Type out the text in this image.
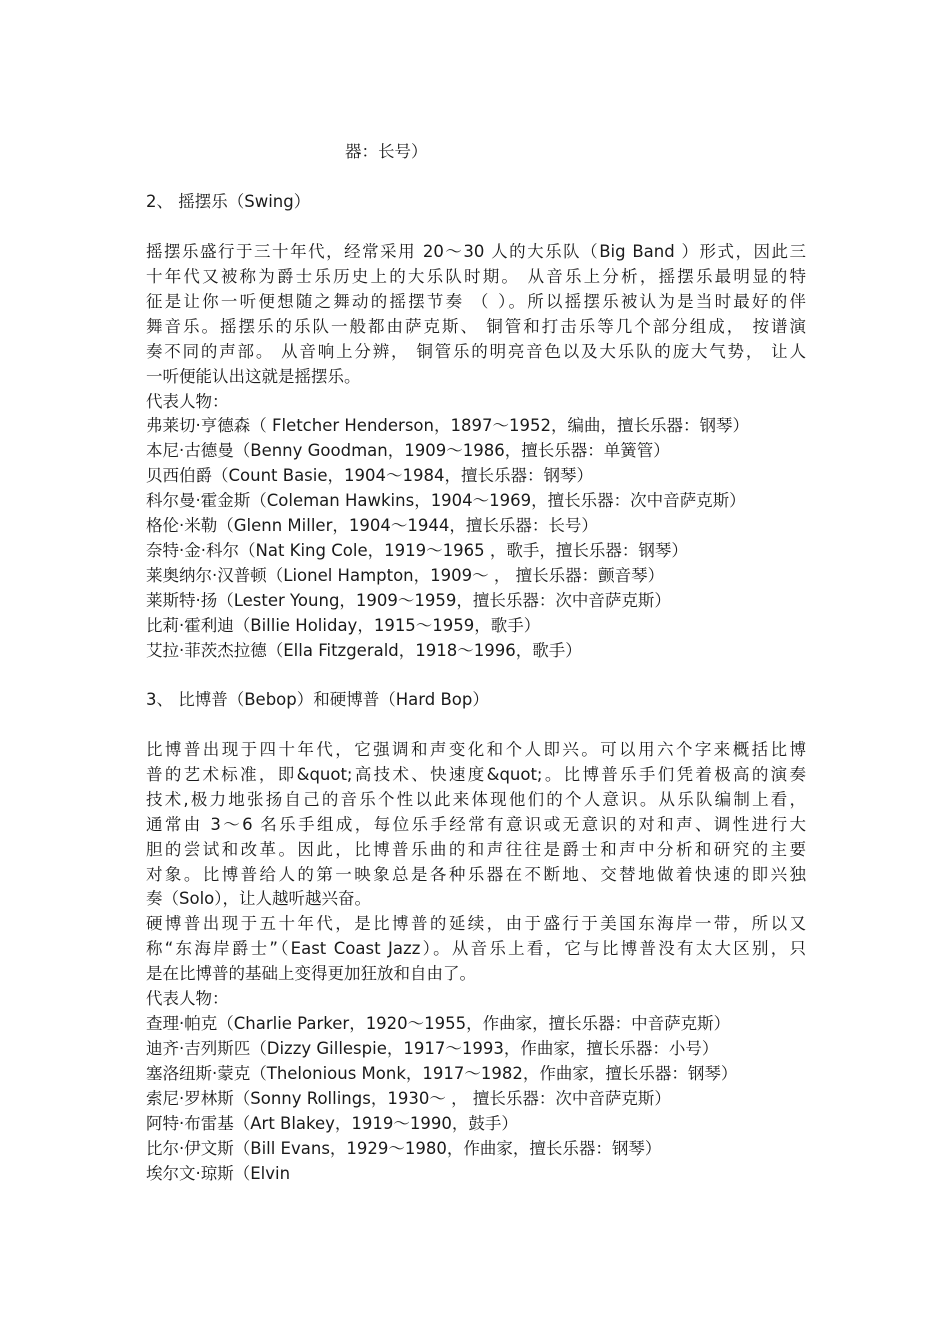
器：长号）
2、 摇摆乐（Swing）
摇摆乐盛行于三十年代，经常采用 20～30 人的大乐队（Big Band ）形式，因此三
十年代又被称为爵士乐历史上的大乐队时期。 从音乐上分析，摇摆乐最明显的特
征是让你一听便想随之舞动的摇摆节奏 （ ）。所以摇摆乐被认为是当时最好的伴
舞音乐。摇摆乐的乐队一般都由萨克斯、 铜管和打击乐等几个部分组成， 按谱演
奏不同的声部。 从音响上分辨， 铜管乐的明亮音色以及大乐队的庞大气势， 让人
一听便能认出这就是摇摆乐。
代表人物：
弗莱切·亨德森（ Fletcher Henderson，1897～1952，编曲，擅长乐器：钢琴）
本尼·古德曼（Benny Goodman，1909～1986，擅长乐器：单簧管）
贝西伯爵（Count Basie，1904～1984，擅长乐器：钢琴）
科尔曼·霍金斯（Coleman Hawkins，1904～1969，擅长乐器：次中音萨克斯）
格伦·米勒（Glenn Miller，1904～1944，擅长乐器：长号）
奈特·金·科尔（Nat King Cole，1919～1965 ，歌手，擅长乐器：钢琴）
莱奥纳尔·汉普顿（Lionel Hampton，1909～ ， 擅长乐器：颤音琴）
莱斯特·扬（Lester Young，1909～1959，擅长乐器：次中音萨克斯）
比莉·霍利迪（Billie Holiday，1915～1959，歌手）
艾拉·菲茨杰拉德（Ella Fitzgerald，1918～1996，歌手）
3、 比博普（Bebop）和硬博普（Hard Bop）
比博普出现于四十年代，它强调和声变化和个人即兴。可以用六个字来概括比博
普的艺术标准，即&quot;高技术、快速度&quot;。比博普乐手们凭着极高的演奏
技术,极力地张扬自己的音乐个性以此来体现他们的个人意识。从乐队编制上看，
通常由 3～6 名乐手组成，每位乐手经常有意识或无意识的对和声、调性进行大
胆的尝试和改革。因此，比博普乐曲的和声往往是爵士和声中分析和研究的主要
对象。比博普给人的第一映象总是各种乐器在不断地、交替地做着快速的即兴独
奏（Solo），让人越听越兴奋。
硬博普出现于五十年代，是比博普的延续，由于盛行于美国东海岸一带，所以又
称“东海岸爵士”（East Coast Jazz）。从音乐上看，它与比博普没有太大区别，只
是在比博普的基础上变得更加狂放和自由了。
代表人物：
查理·帕克（Charlie Parker，1920～1955，作曲家，擅长乐器：中音萨克斯）
迪齐·吉列斯匹（Dizzy Gillespie，1917～1993，作曲家，擅长乐器：小号）
塞洛纽斯·蒙克（Thelonious Monk，1917～1982，作曲家，擅长乐器：钢琴）
索尼·罗林斯（Sonny Rollings，1930～ ， 擅长乐器：次中音萨克斯）
阿特·布雷基（Art Blakey，1919～1990，鼓手）
比尔·伊文斯（Bill Evans，1929～1980，作曲家，擅长乐器：钢琴）
埃尔文·琼斯（Elvin
